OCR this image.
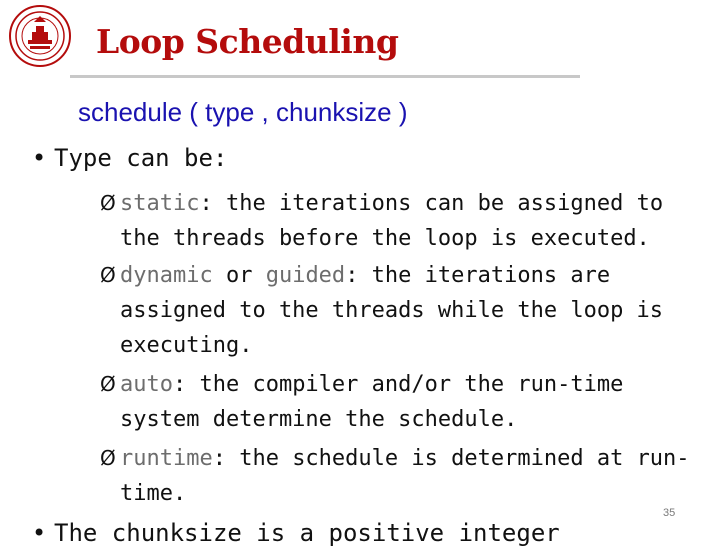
Loop Scheduling
schedule ( type , chunksize )
• Type can be:
Ø static: the iterations can be assigned to the threads before the loop is executed.
Ø dynamic or guided: the iterations are assigned to the threads while the loop is executing.
Ø auto: the compiler and/or the run-time system determine the schedule.
Ø runtime: the schedule is determined at run-time.
35
• The chunksize is a positive integer
